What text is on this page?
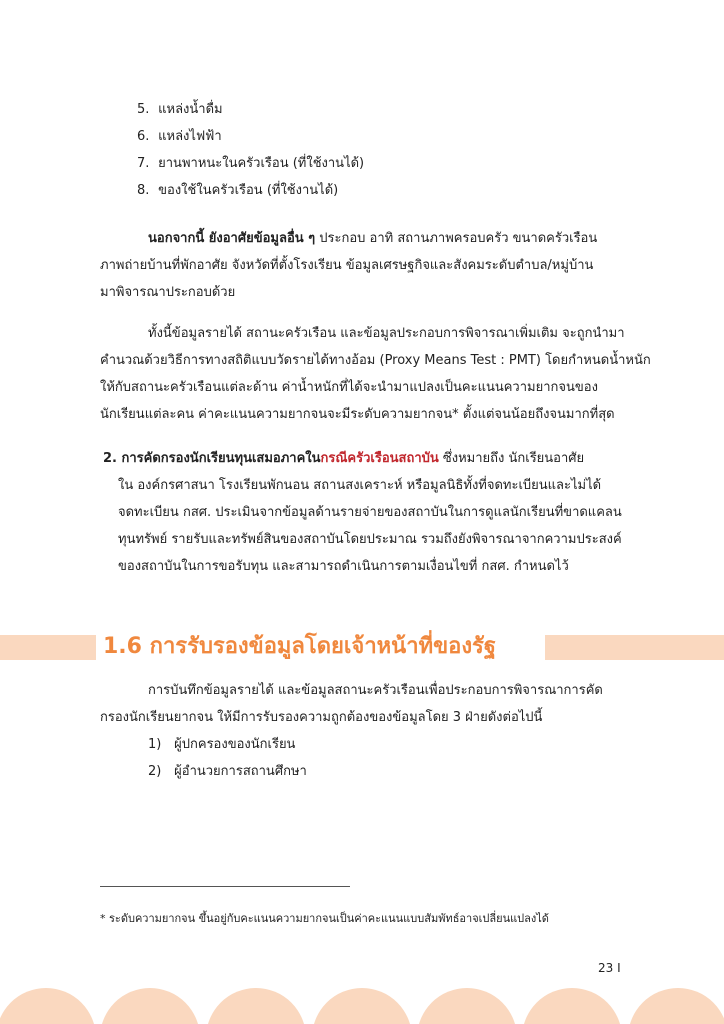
5. แหล่งน้ำดื่ม
6. แหล่งไฟฟ้า
7. ยานพาหนะในครัวเรือน (ที่ใช้งานได้)
8. ของใช้ในครัวเรือน (ที่ใช้งานได้)
นอกจากนี้ ยังอาศัยข้อมูลอื่น ๆ ประกอบ อาทิ สถานภาพครอบครัว ขนาดครัวเรือน
ภาพถ่ายบ้านที่พักอาศัย จังหวัดที่ตั้งโรงเรียน ข้อมูลเศรษฐกิจและสังคมระดับตำบล/หมู่บ้าน
มาพิจารณาประกอบด้วย
ทั้งนี้ข้อมูลรายได้ สถานะครัวเรือน และข้อมูลประกอบการพิจารณาเพิ่มเติม จะถูกนำมา
คำนวณด้วยวิธีการทางสถิติแบบวัดรายได้ทางอ้อม (Proxy Means Test : PMT) โดยกำหนดน้ำหนัก
ให้กับสถานะครัวเรือนแต่ละด้าน ค่าน้ำหนักที่ได้จะนำมาแปลงเป็นคะแนนความยากจนของ
นักเรียนแต่ละคน ค่าคะแนนความยากจนจะมีระดับความยากจน* ตั้งแต่จนน้อยถึงจนมากที่สุด
2. การคัดกรองนักเรียนทุนเสมอภาคในกรณีครัวเรือนสถาบัน ซึ่งหมายถึง นักเรียนอาศัย
ใน องค์กรศาสนา โรงเรียนพักนอน สถานสงเคราะห์ หรือมูลนิธิทั้งที่จดทะเบียนและไม่ได้
จดทะเบียน กสศ. ประเมินจากข้อมูลด้านรายจ่ายของสถาบันในการดูแลนักเรียนที่ขาดแคลน
ทุนทรัพย์ รายรับและทรัพย์สินของสถาบันโดยประมาณ รวมถึงยังพิจารณาจากความประสงค์
ของสถาบันในการขอรับทุน และสามารถดำเนินการตามเงื่อนไขที่ กสศ. กำหนดไว้
1.6 การรับรองข้อมูลโดยเจ้าหน้าที่ของรัฐ
การบันทึกข้อมูลรายได้ และข้อมูลสถานะครัวเรือนเพื่อประกอบการพิจารณาการคัด
กรองนักเรียนยากจน ให้มีการรับรองความถูกต้องของข้อมูลโดย 3 ฝ่ายดังต่อไปนี้
1) ผู้ปกครองของนักเรียน
2) ผู้อำนวยการสถานศึกษา
* ระดับความยากจน ขึ้นอยู่กับคะแนนความยากจนเป็นค่าคะแนนแบบสัมพัทธ์อาจเปลี่ยนแปลงได้
23 I
